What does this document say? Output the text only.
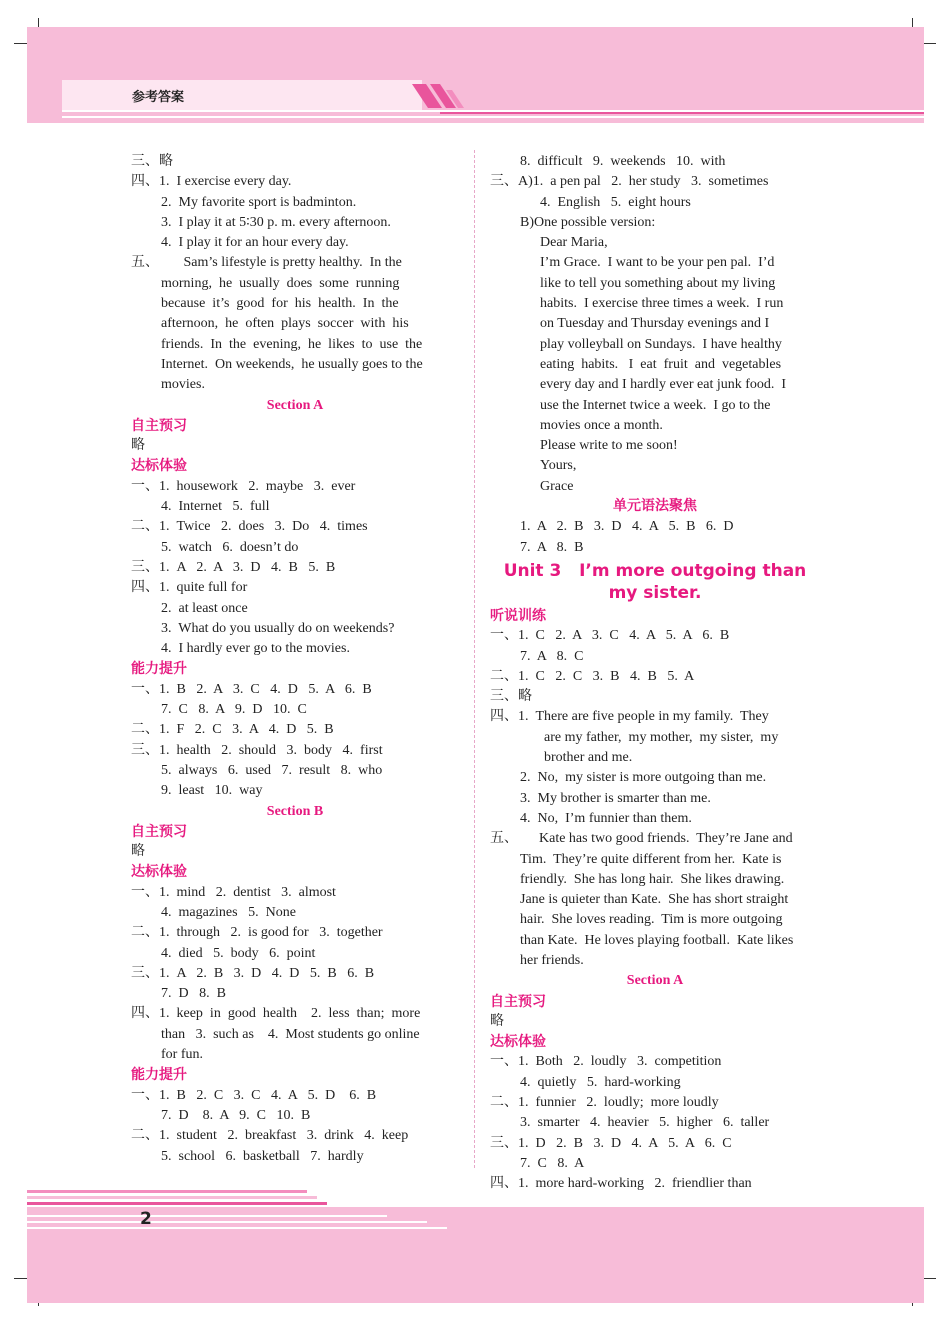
参考答案
三、略
四、1.  I exercise every day.
2.  My favorite sport is badminton.
3.  I play it at 5∶30 p. m. every afternoon.
4.  I play it for an hour every day.
五、       Sam’s lifestyle is pretty healthy.  In the
morning,  he  usually  does  some  running
because  it’s  good  for  his  health.  In  the
afternoon,  he  often  plays  soccer  with  his
friends.  In  the  evening,  he  likes  to  use  the
Internet.  On weekends,  he usually goes to the
movies.
Section A
自主预习
略
达标体验
一、1.  housework   2.  maybe   3.  ever
4.  Internet   5.  full
二、1.  Twice   2.  does   3.  Do   4.  times
5.  watch   6.  doesn’t do
三、1.  A   2.  A   3.  D   4.  B   5.  B
四、1.  quite full for
2.  at least once
3.  What do you usually do on weekends?
4.  I hardly ever go to the movies.
能力提升
一、1.  B   2.  A   3.  C   4.  D   5.  A   6.  B
7.  C   8.  A   9.  D   10.  C
二、1.  F   2.  C   3.  A   4.  D   5.  B
三、1.  health   2.  should   3.  body   4.  first
5.  always   6.  used   7.  result   8.  who
9.  least   10.  way
Section B
自主预习
略
达标体验
一、1.  mind   2.  dentist   3.  almost
4.  magazines   5.  None
二、1.  through   2.  is good for   3.  together
4.  died   5.  body   6.  point
三、1.  A   2.  B   3.  D   4.  D   5.  B   6.  B
7.  D   8.  B
四、1.  keep  in  good  health    2.  less  than;  more
than   3.  such as    4.  Most students go online
for fun.
能力提升
一、1.  B   2.  C   3.  C   4.  A   5.  D    6.  B
7.  D    8.  A   9.  C   10.  B
二、1.  student   2.  breakfast   3.  drink   4.  keep
5.  school   6.  basketball   7.  hardly
8.  difficult   9.  weekends   10.  with
三、A)1.  a pen pal   2.  her study   3.  sometimes
4.  English   5.  eight hours
B)One possible version:
Dear Maria,
I’m Grace.  I want to be your pen pal.  I’d
like to tell you something about my living
habits.  I exercise three times a week.  I run
on Tuesday and Thursday evenings and I
play volleyball on Sundays.  I have healthy
eating  habits.   I  eat  fruit  and  vegetables
every day and I hardly ever eat junk food.  I
use the Internet twice a week.  I go to the
movies once a month.
Please write to me soon!
Yours,
Grace
单元语法聚焦
1.  A   2.  B   3.  D   4.  A   5.  B   6.  D
7.  A   8.  B
Unit 3   I’m more outgoing than
my sister.
听说训练
一、1.  C   2.  A   3.  C   4.  A   5.  A   6.  B
7.  A   8.  C
二、1.  C   2.  C   3.  B   4.  B   5.  A
三、略
四、1.  There are five people in my family.  They
are my father,  my mother,  my sister,  my
brother and me.
2.  No,  my sister is more outgoing than me.
3.  My brother is smarter than me.
4.  No,  I’m funnier than them.
五、      Kate has two good friends.  They’re Jane and
Tim.  They’re quite different from her.  Kate is
friendly.  She has long hair.  She likes drawing.
Jane is quieter than Kate.  She has short straight
hair.  She loves reading.  Tim is more outgoing
than Kate.  He loves playing football.  Kate likes
her friends.
Section A
自主预习
略
达标体验
一、1.  Both   2.  loudly   3.  competition
4.  quietly   5.  hard-working
二、1.  funnier   2.  loudly;  more loudly
3.  smarter   4.  heavier   5.  higher   6.  taller
三、1.  D   2.  B   3.  D   4.  A   5.  A   6.  C
7.  C   8.  A
四、1.  more hard-working   2.  friendlier than
2
